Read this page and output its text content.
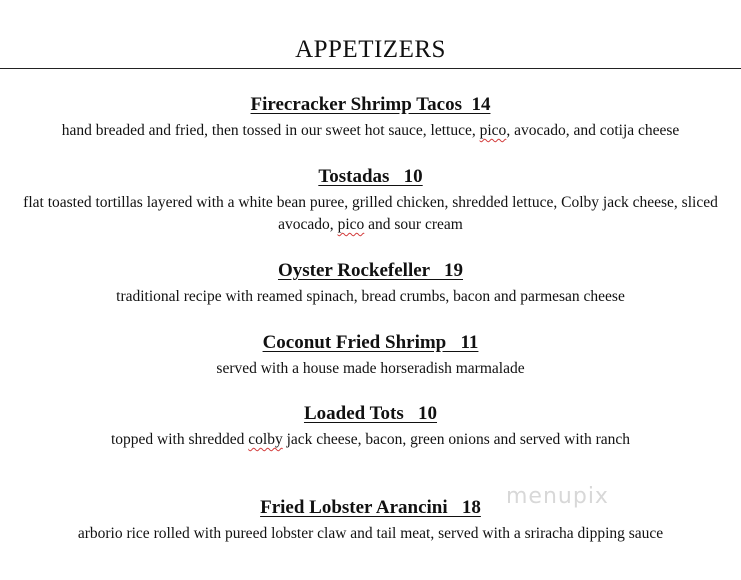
APPETIZERS
Firecracker Shrimp Tacos  14
hand breaded and fried, then tossed in our sweet hot sauce, lettuce, pico, avocado, and cotija cheese
Tostadas   10
flat toasted tortillas layered with a white bean puree, grilled chicken, shredded lettuce, Colby jack cheese, sliced avocado, pico and sour cream
Oyster Rockefeller   19
traditional recipe with reamed spinach, bread crumbs, bacon and parmesan cheese
Coconut Fried Shrimp   11
served with a house made horseradish marmalade
Loaded Tots   10
topped with shredded colby jack cheese, bacon, green onions and served with ranch
menupix
Fried Lobster Arancini   18
arborio rice rolled with pureed lobster claw and tail meat, served with a sriracha dipping sauce
